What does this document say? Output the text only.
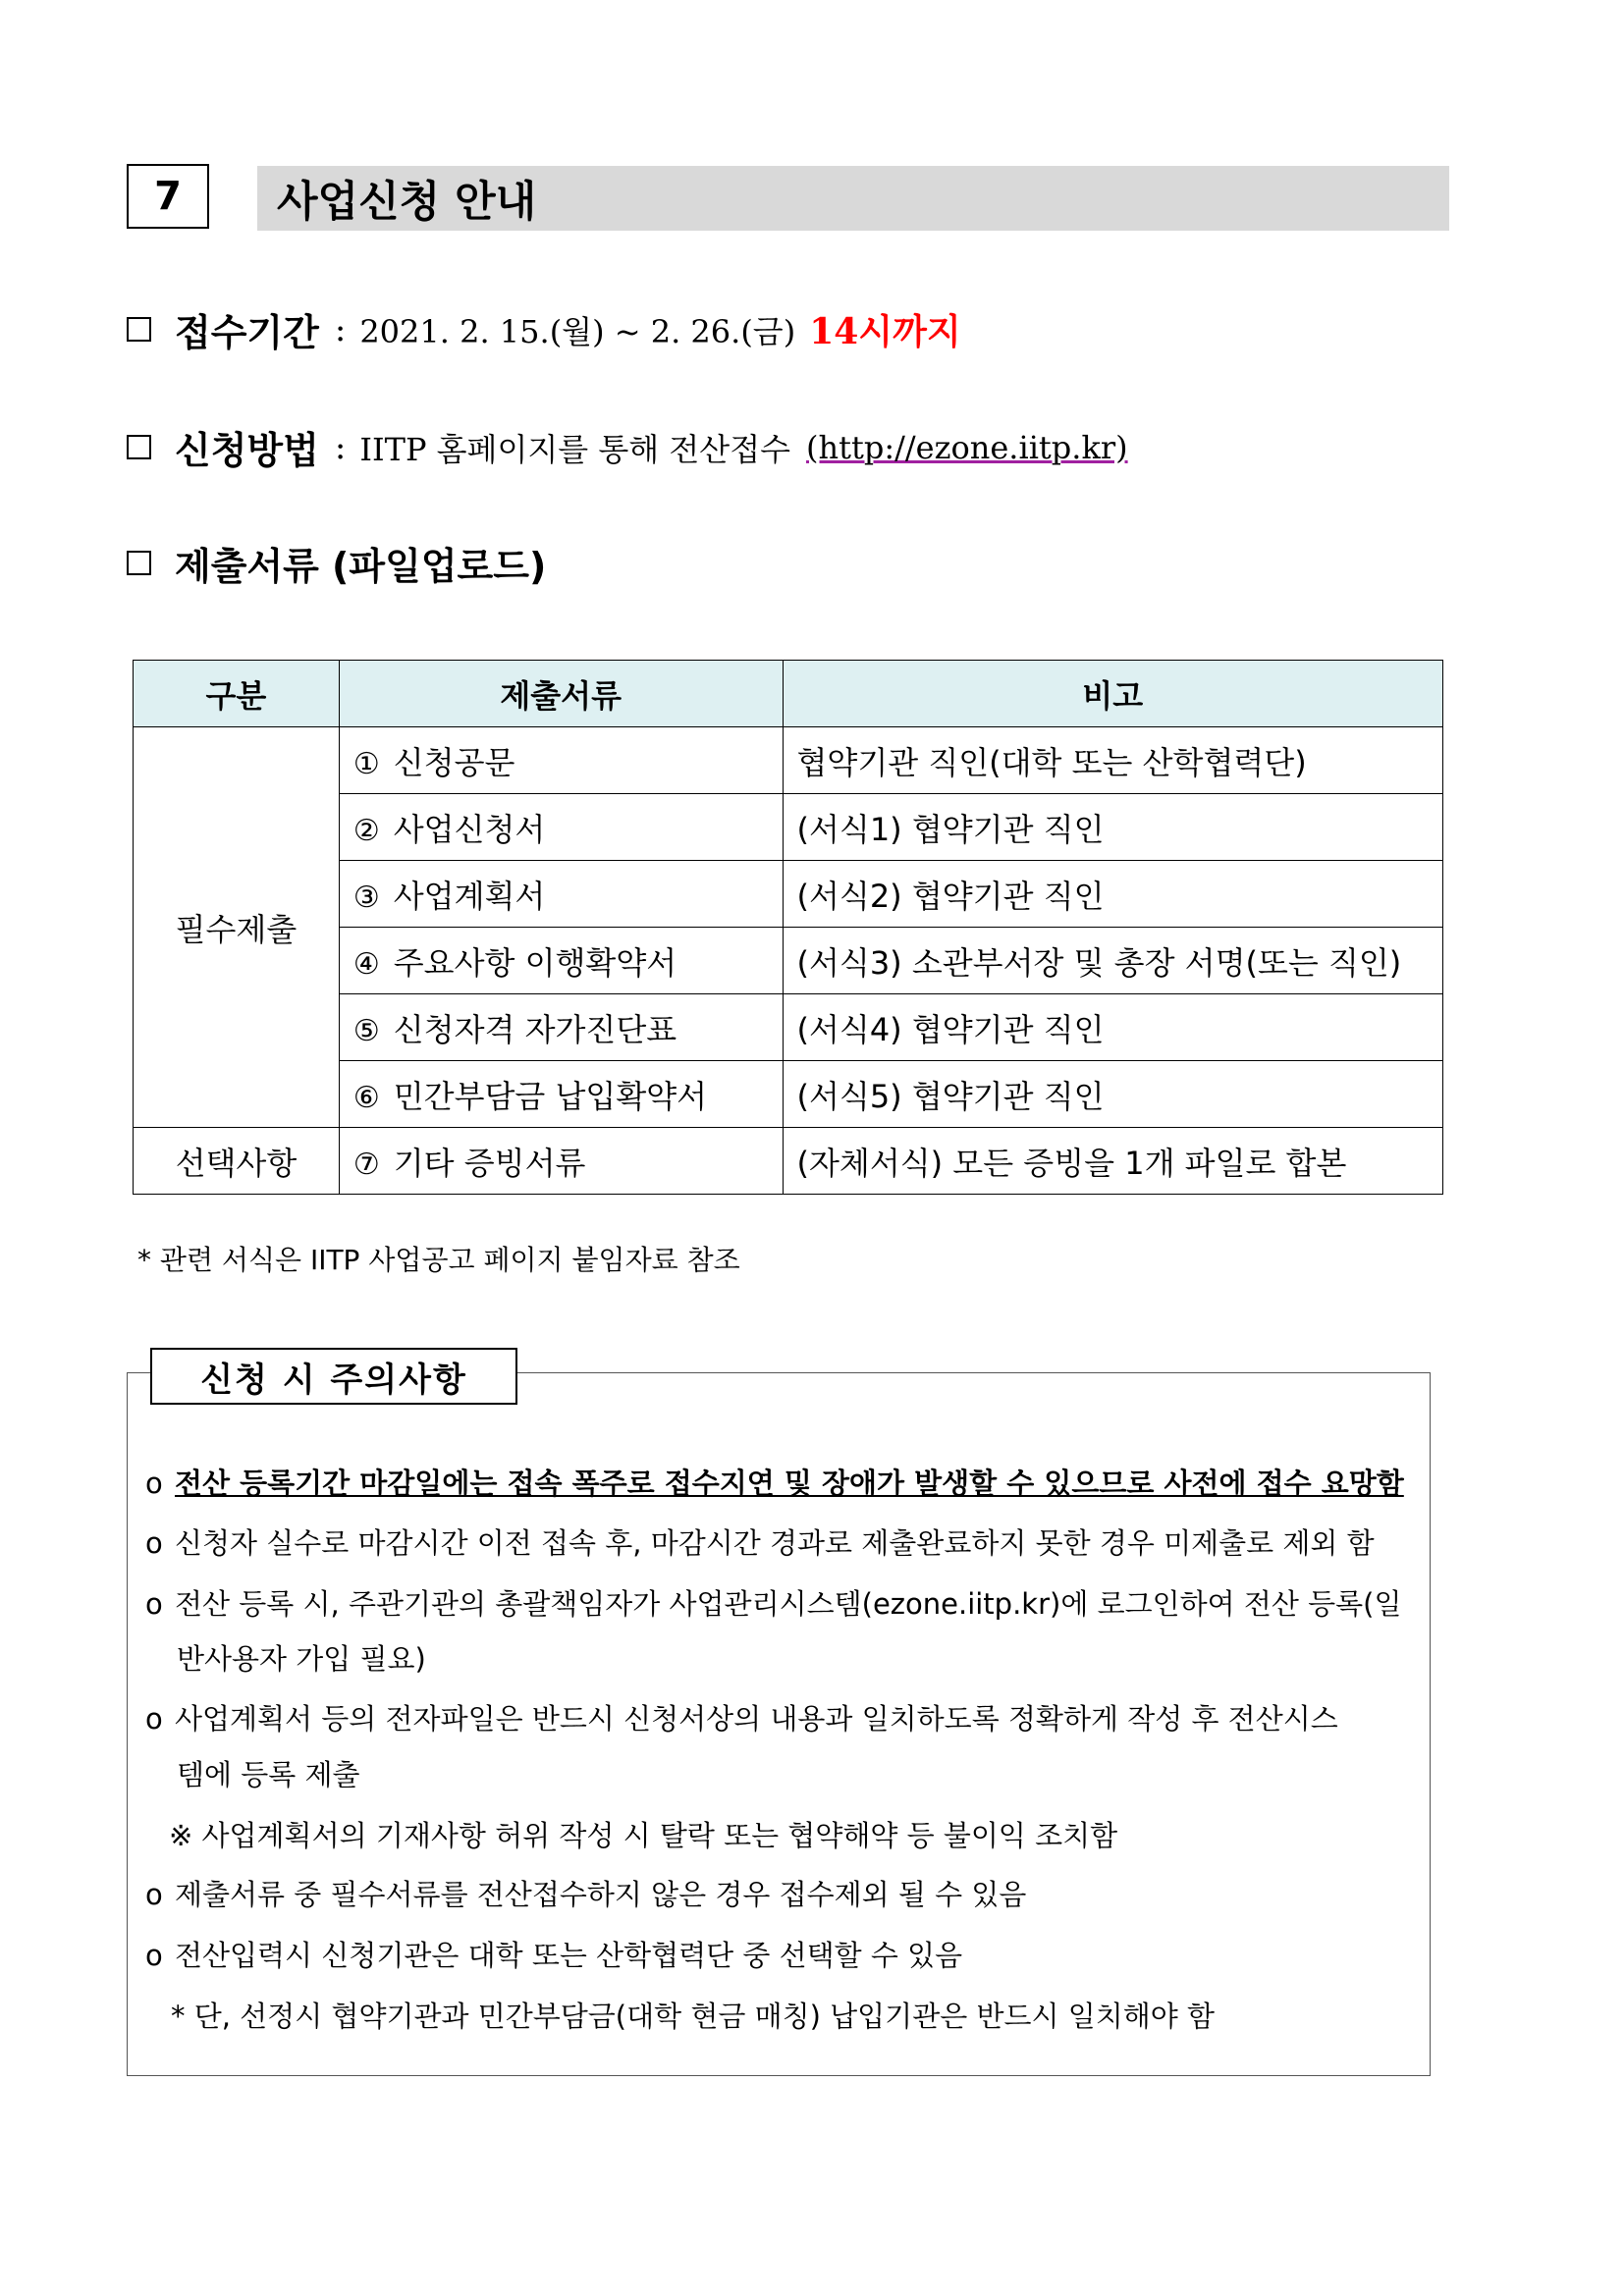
7	사업신청 안내
접수기간 : 2021. 2. 15.(월) ~ 2. 26.(금) 14시까지
신청방법 : IITP 홈페이지를 통해 전산접수 (http://ezone.iitp.kr)
제출서류 (파일업로드)
구분	제출서류	비고
필수제출	① 신청공문	협약기관 직인(대학 또는 산학협력단)
	② 사업신청서	(서식1) 협약기관 직인
	③ 사업계획서	(서식2) 협약기관 직인
	④ 주요사항 이행확약서	(서식3) 소관부서장 및 총장 서명(또는 직인)
	⑤ 신청자격 자가진단표	(서식4) 협약기관 직인
	⑥ 민간부담금 납입확약서	(서식5) 협약기관 직인
선택사항	⑦ 기타 증빙서류	(자체서식) 모든 증빙을 1개 파일로 합본
* 관련 서식은 IITP 사업공고 페이지 붙임자료 참조
신청 시 주의사항
o 전산 등록기간 마감일에는 접속 폭주로 접수지연 및 장애가 발생할 수 있으므로 사전에 접수 요망함
o 신청자 실수로 마감시간 이전 접속 후, 마감시간 경과로 제출완료하지 못한 경우 미제출로 제외 함
o 전산 등록 시, 주관기관의 총괄책임자가 사업관리시스템(ezone.iitp.kr)에 로그인하여 전산 등록(일
반사용자 가입 필요)
o 사업계획서 등의 전자파일은 반드시 신청서상의 내용과 일치하도록 정확하게 작성 후 전산시스
템에 등록 제출
※ 사업계획서의 기재사항 허위 작성 시 탈락 또는 협약해약 등 불이익 조치함
o 제출서류 중 필수서류를 전산접수하지 않은 경우 접수제외 될 수 있음
o 전산입력시 신청기관은 대학 또는 산학협력단 중 선택할 수 있음
* 단, 선정시 협약기관과 민간부담금(대학 현금 매칭) 납입기관은 반드시 일치해야 함
